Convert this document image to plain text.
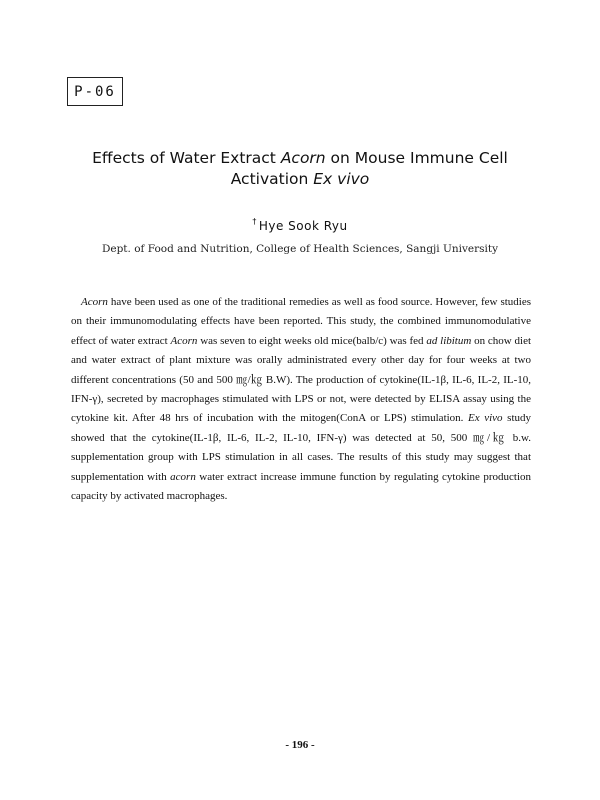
P-06
Effects of Water Extract Acorn on Mouse Immune Cell
Activation Ex vivo
† Hye Sook Ryu
Dept. of Food and Nutrition, College of Health Sciences, Sangji University
Acorn have been used as one of the traditional remedies as well as food source. However, few studies on their immunomodulating effects have been reported. This study, the combined immunomodulative effect of water extract Acorn was seven to eight weeks old mice(balb/c) was fed ad libitum on chow diet and water extract of plant mixture was orally administrated every other day for four weeks at two different concentrations (50 and 500 ㎎/㎏ B.W). The production of cytokine(IL-1β, IL-6, IL-2, IL-10, IFN-γ), secreted by macrophages stimulated with LPS or not, were detected by ELISA assay using the cytokine kit. After 48 hrs of incubation with the mitogen(ConA or LPS) stimulation. Ex vivo study showed that the cytokine(IL-1β, IL-6, IL-2, IL-10, IFN-γ) was detected at 50, 500 ㎎/㎏ b.w. supplementation group with LPS stimulation in all cases. The results of this study may suggest that supplementation with acorn water extract increase immune function by regulating cytokine production capacity by activated macrophages.
- 196 -
